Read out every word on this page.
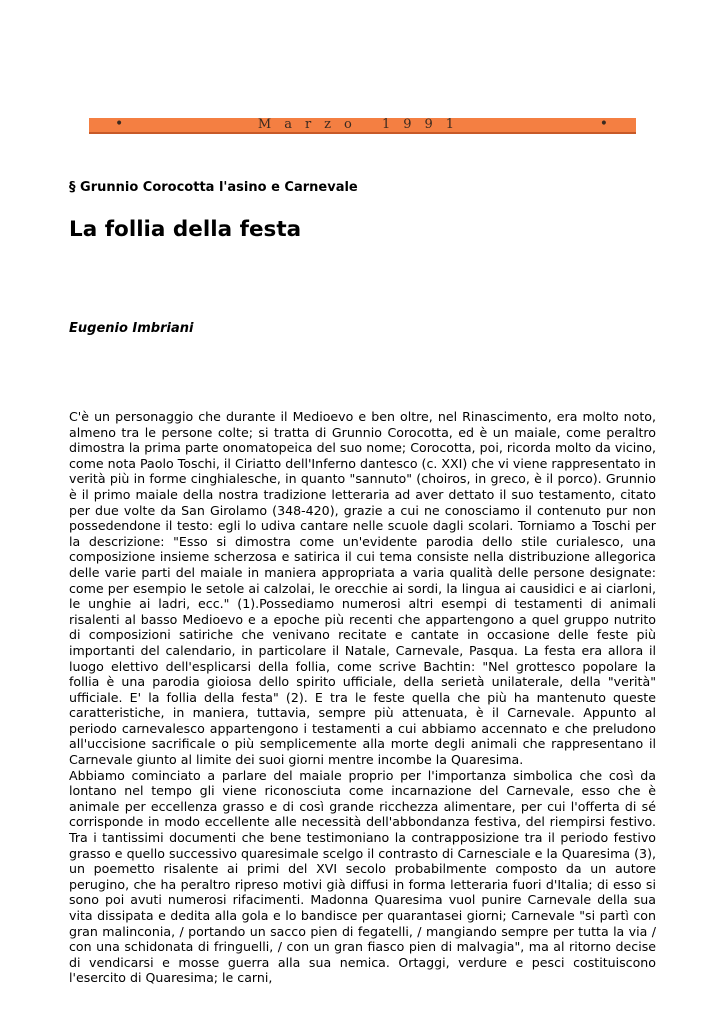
•	Marzo 1991	•
§ Grunnio Corocotta l'asino e Carnevale
La follia della festa
Eugenio Imbriani

C'è un personaggio che durante il Medioevo e ben oltre, nel Rinascimento, era molto noto, almeno tra le persone colte; si tratta di Grunnio Corocotta, ed è un maiale, come peraltro dimostra la prima parte onomatopeica del suo nome; Corocotta, poi, ricorda molto da vicino, come nota Paolo Toschi, il Ciriatto dell'Inferno dantesco (c. XXI) che vi viene rappresentato in verità più in forme cinghialesche, in quanto "sannuto" (choiros, in greco, è il porco). Grunnio è il primo maiale della nostra tradizione letteraria ad aver dettato il suo testamento, citato per due volte da San Girolamo (348-420), grazie a cui ne conosciamo il contenuto pur non possedendone il testo: egli lo udiva cantare nelle scuole dagli scolari. Torniamo a Toschi per la descrizione: "Esso si dimostra come un'evidente parodia dello stile curialesco, una composizione insieme scherzosa e satirica il cui tema consiste nella distribuzione allegorica delle varie parti del maiale in maniera appropriata a varia qualità delle persone designate: come per esempio le setole ai calzolai, le orecchie ai sordi, la lingua ai causidici e ai ciarloni, le unghie ai ladri, ecc." (1).Possediamo numerosi altri esempi di testamenti di animali risalenti al basso Medioevo e a epoche più recenti che appartengono a quel gruppo nutrito di composizioni satiriche che venivano recitate e cantate in occasione delle feste più importanti del calendario, in particolare il Natale, Carnevale, Pasqua. La festa era allora il luogo elettivo dell'esplicarsi della follia, come scrive Bachtin: "Nel grottesco popolare la follia è una parodia gioiosa dello spirito ufficiale, della serietà unilaterale, della "verità" ufficiale. E' la follia della festa" (2). E tra le feste quella che più ha mantenuto queste caratteristiche, in maniera, tuttavia, sempre più attenuata, è il Carnevale. Appunto al periodo carnevalesco appartengono i testamenti a cui abbiamo accennato e che preludono all'uccisione sacrificale o più semplicemente alla morte degli animali che rappresentano il Carnevale giunto al limite dei suoi giorni mentre incombe la Quaresima.

Abbiamo cominciato a parlare del maiale proprio per l'importanza simbolica che così da lontano nel tempo gli viene riconosciuta come incarnazione del Carnevale, esso che è animale per eccellenza grasso e di così grande ricchezza alimentare, per cui l'offerta di sé corrisponde in modo eccellente alle necessità dell'abbondanza festiva, del riempirsi festivo. Tra i tantissimi documenti che bene testimoniano la contrapposizione tra il periodo festivo grasso e quello successivo quaresimale scelgo il contrasto di Carnesciale e la Quaresima (3), un poemetto risalente ai primi del XVI secolo probabilmente composto da un autore perugino, che ha peraltro ripreso motivi già diffusi in forma letteraria fuori d'Italia; di esso si sono poi avuti numerosi rifacimenti. Madonna Quaresima vuol punire Carnevale della sua vita dissipata e dedita alla gola e lo bandisce per quarantasei giorni; Carnevale "si partì con gran malinconia, / portando un sacco pien di fegatelli, / mangiando sempre per tutta la via / con una schidonata di fringuelli, / con un gran fiasco pien di malvagia", ma al ritorno decise di vendicarsi e mosse guerra alla sua nemica. Ortaggi, verdure e pesci costituiscono l'esercito di Quaresima; le carni,
